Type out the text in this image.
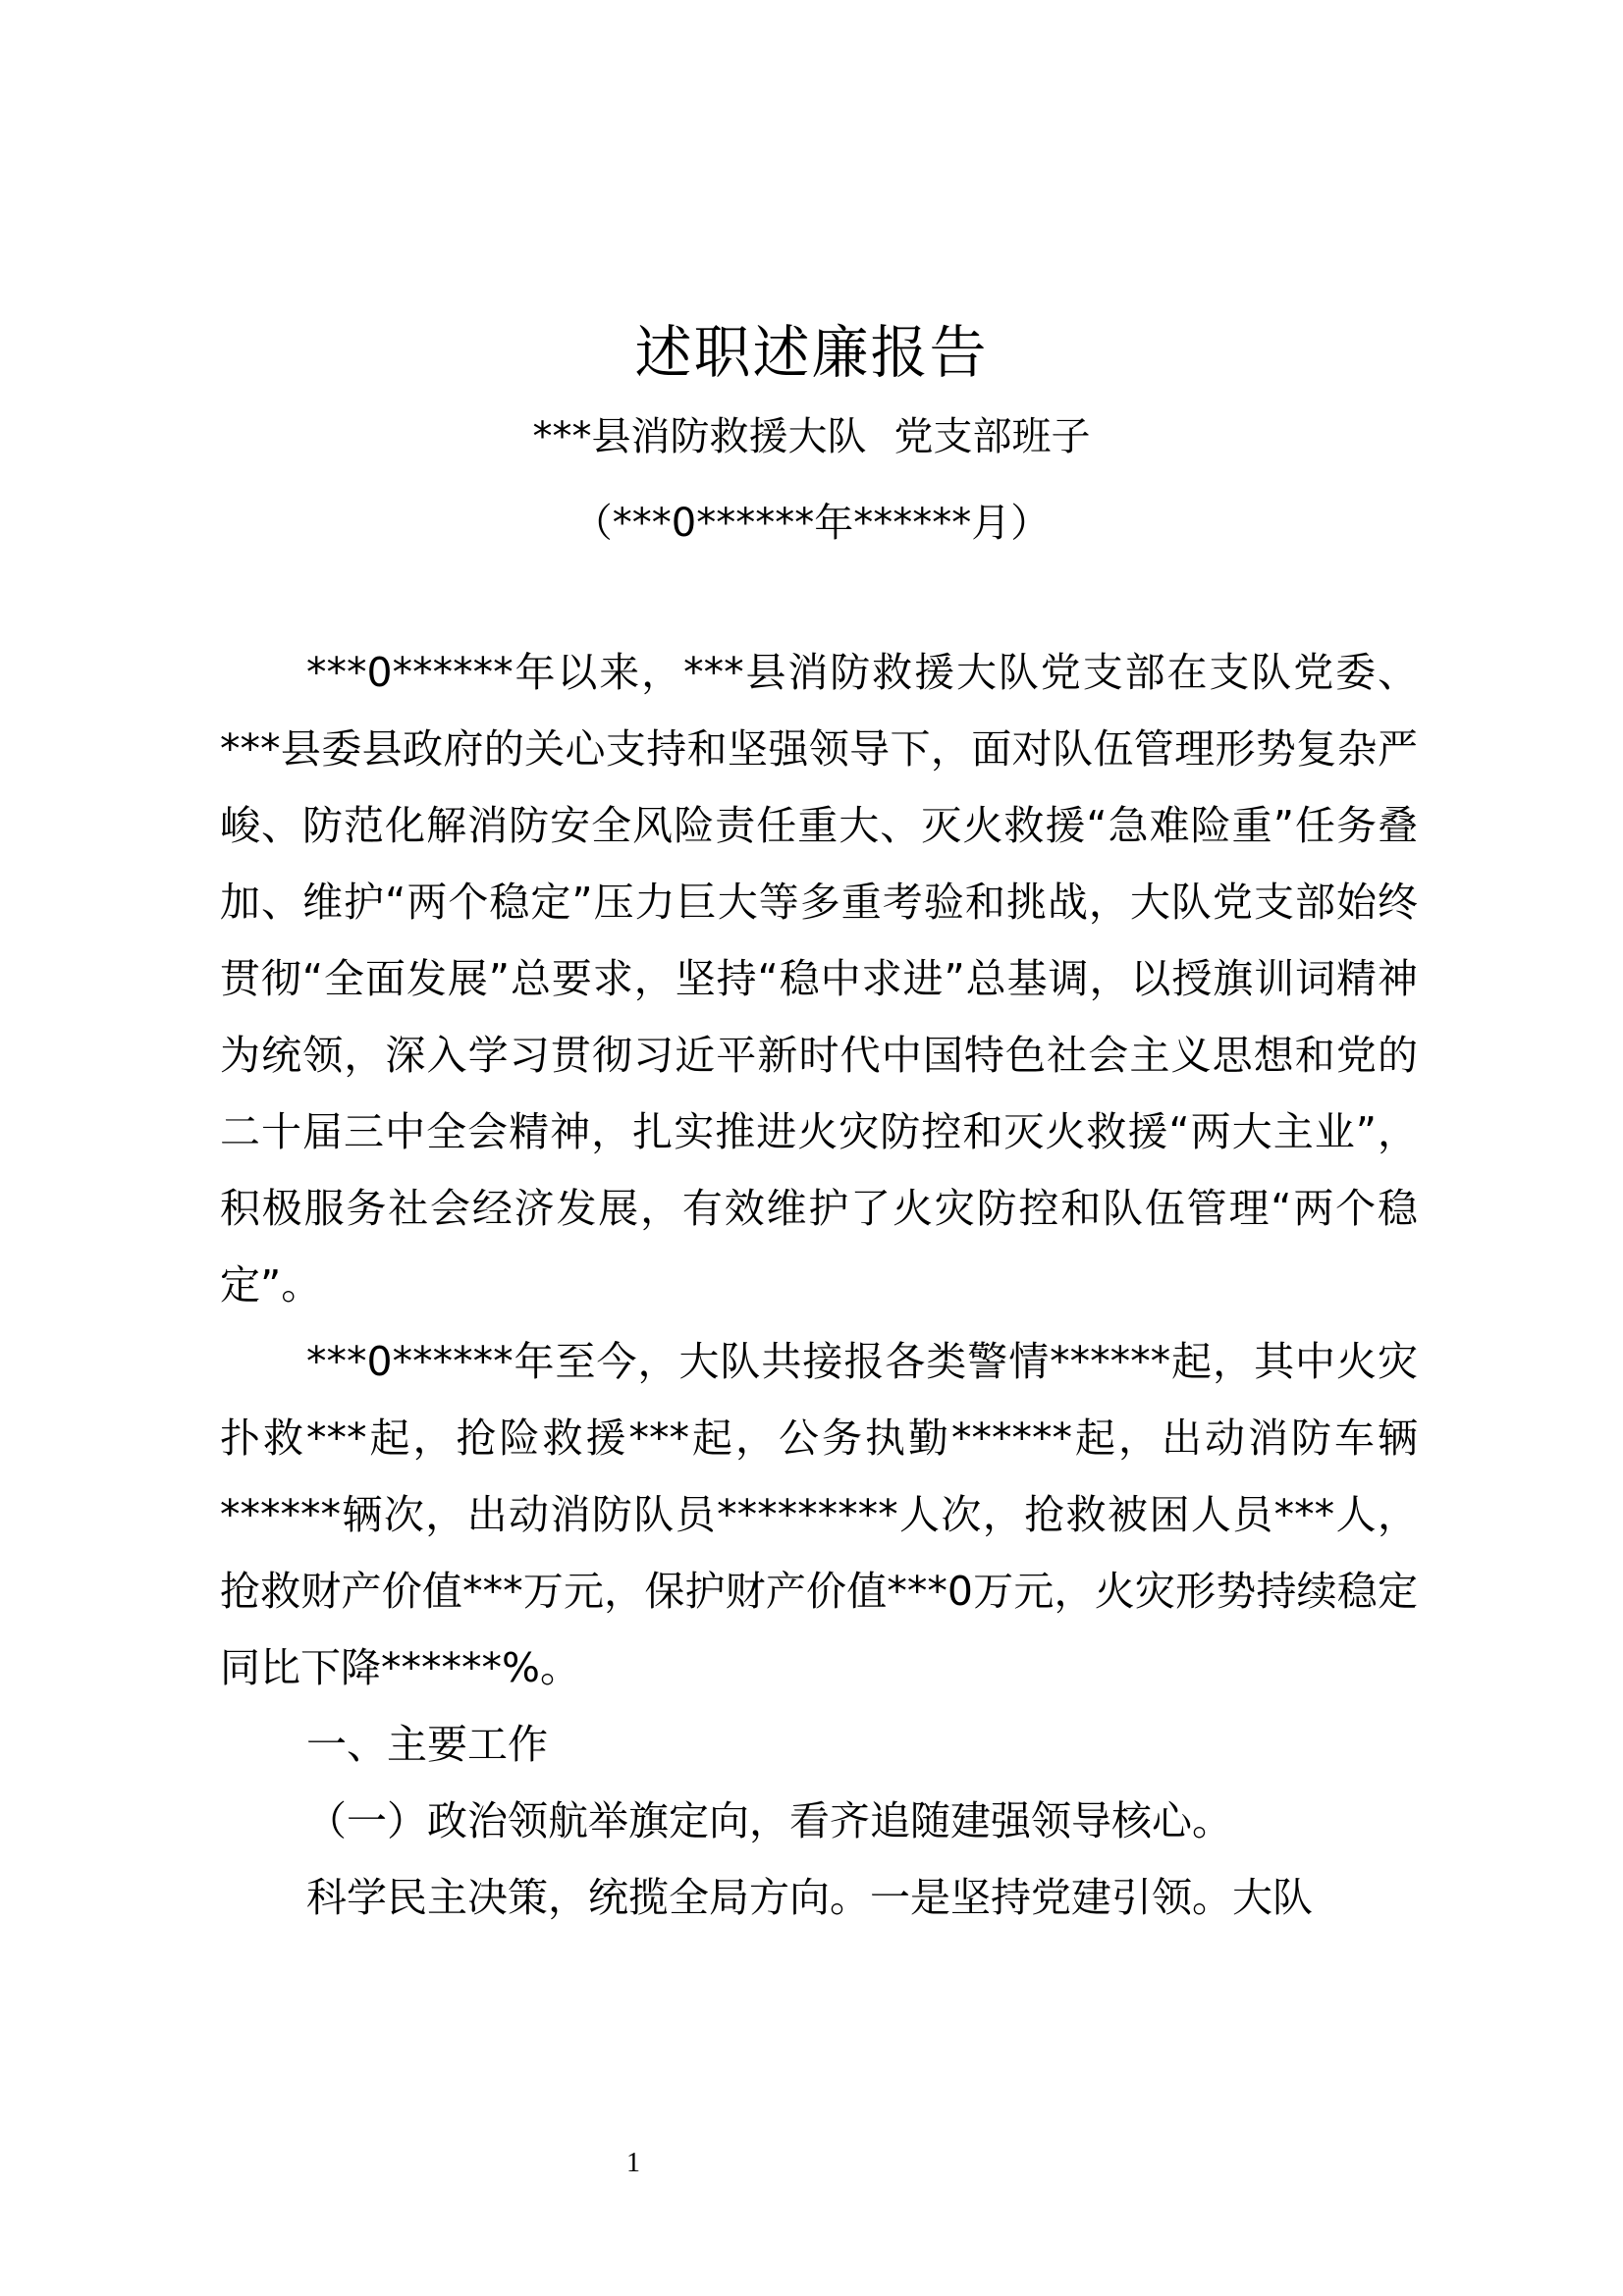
述职述廉报告
***县消防救援大队 党支部班子
（***0******年******月）

***0******年以来，***县消防救援大队党支部在支队党委、***县委县政府的关心支持和坚强领导下，面对队伍管理形势复杂严峻、防范化解消防安全风险责任重大、灭火救援“急难险重”任务叠加、维护“两个稳定”压力巨大等多重考验和挑战，大队党支部始终贯彻“全面发展”总要求，坚持“稳中求进”总基调，以授旗训词精神为统领，深入学习贯彻习近平新时代中国特色社会主义思想和党的二十届三中全会精神，扎实推进火灾防控和灭火救援“两大主业”，积极服务社会经济发展，有效维护了火灾防控和队伍管理“两个稳定”。

***0******年至今，大队共接报各类警情******起，其中火灾扑救***起，抢险救援***起，公务执勤******起，出动消防车辆******辆次，出动消防队员*********人次，抢救被困人员***人，抢救财产价值***万元，保护财产价值***0万元，火灾形势持续稳定同比下降******%。

一、主要工作

（一）政治领航举旗定向，看齐追随建强领导核心。

科学民主决策，统揽全局方向。一是坚持党建引领。大队

1
